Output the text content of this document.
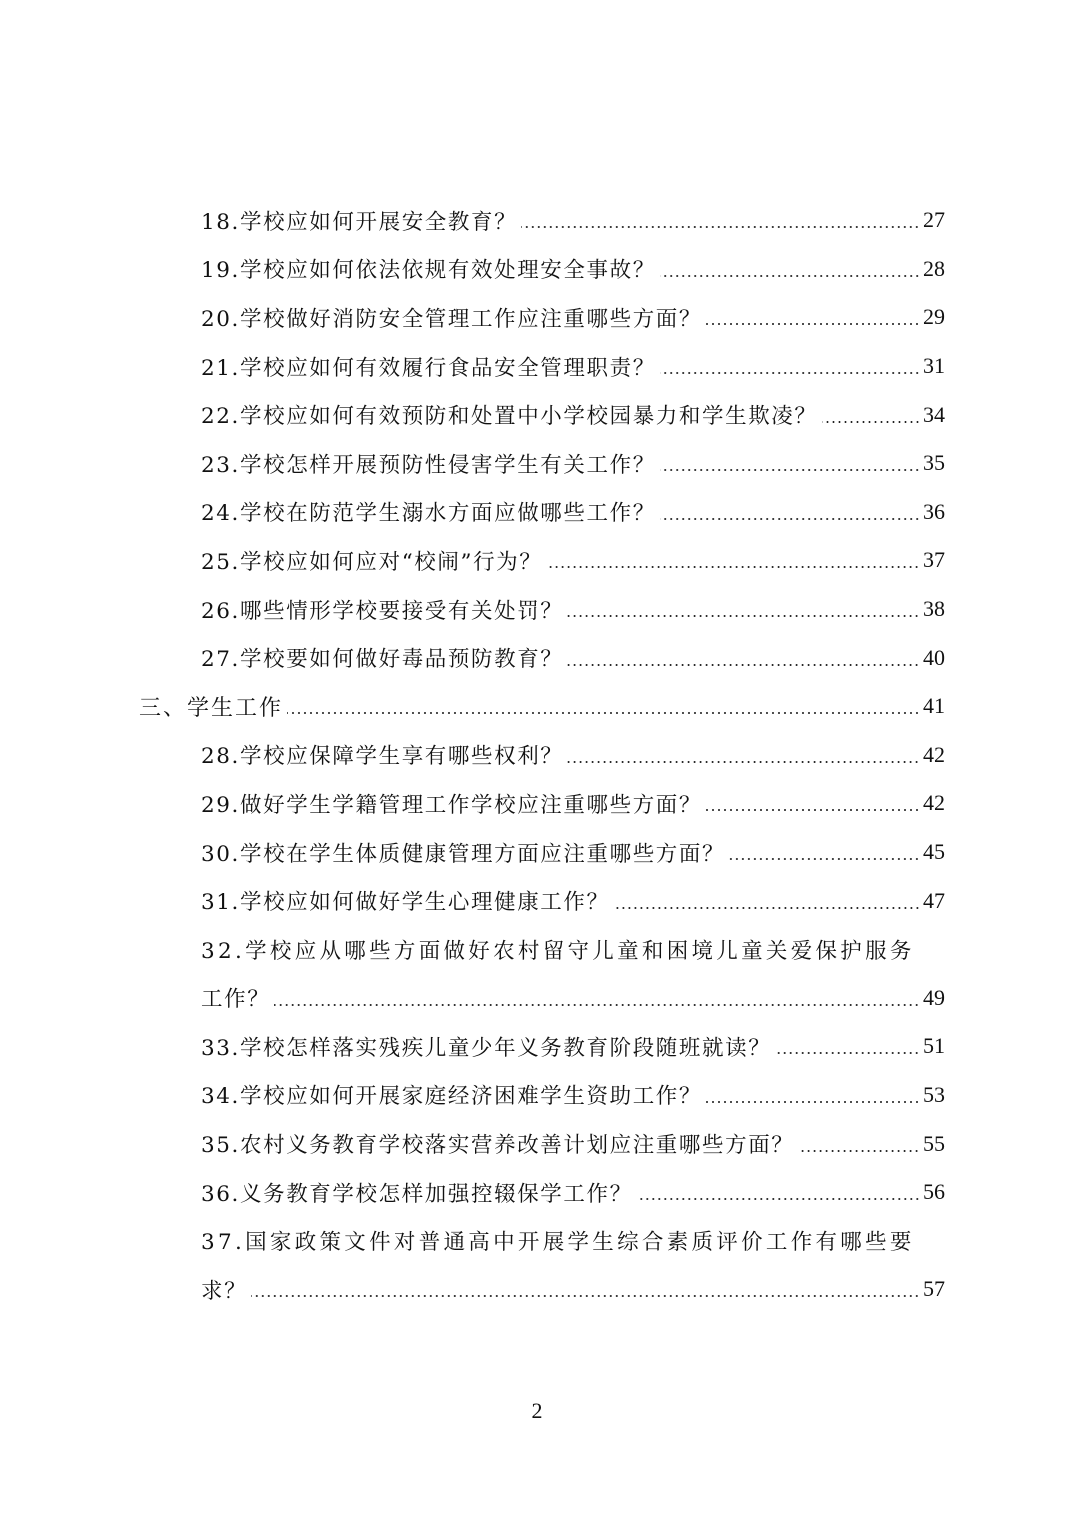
18.学校应如何开展安全教育？	27
19.学校应如何依法依规有效处理安全事故？	28
20.学校做好消防安全管理工作应注重哪些方面？	29
21.学校应如何有效履行食品安全管理职责？	31
22.学校应如何有效预防和处置中小学校园暴力和学生欺凌？	34
23.学校怎样开展预防性侵害学生有关工作？	35
24.学校在防范学生溺水方面应做哪些工作？	36
25.学校应如何应对“校闹”行为？	37
26.哪些情形学校要接受有关处罚？	38
27.学校要如何做好毒品预防教育？	40
三、学生工作	41
28.学校应保障学生享有哪些权利？	42
29.做好学生学籍管理工作学校应注重哪些方面？	42
30.学校在学生体质健康管理方面应注重哪些方面？	45
31.学校应如何做好学生心理健康工作？	47
32.学校应从哪些方面做好农村留守儿童和困境儿童关爱保护服务
工作？	49
33.学校怎样落实残疾儿童少年义务教育阶段随班就读？	51
34.学校应如何开展家庭经济困难学生资助工作？	53
35.农村义务教育学校落实营养改善计划应注重哪些方面？	55
36.义务教育学校怎样加强控辍保学工作？	56
37.国家政策文件对普通高中开展学生综合素质评价工作有哪些要
求？	57
2
